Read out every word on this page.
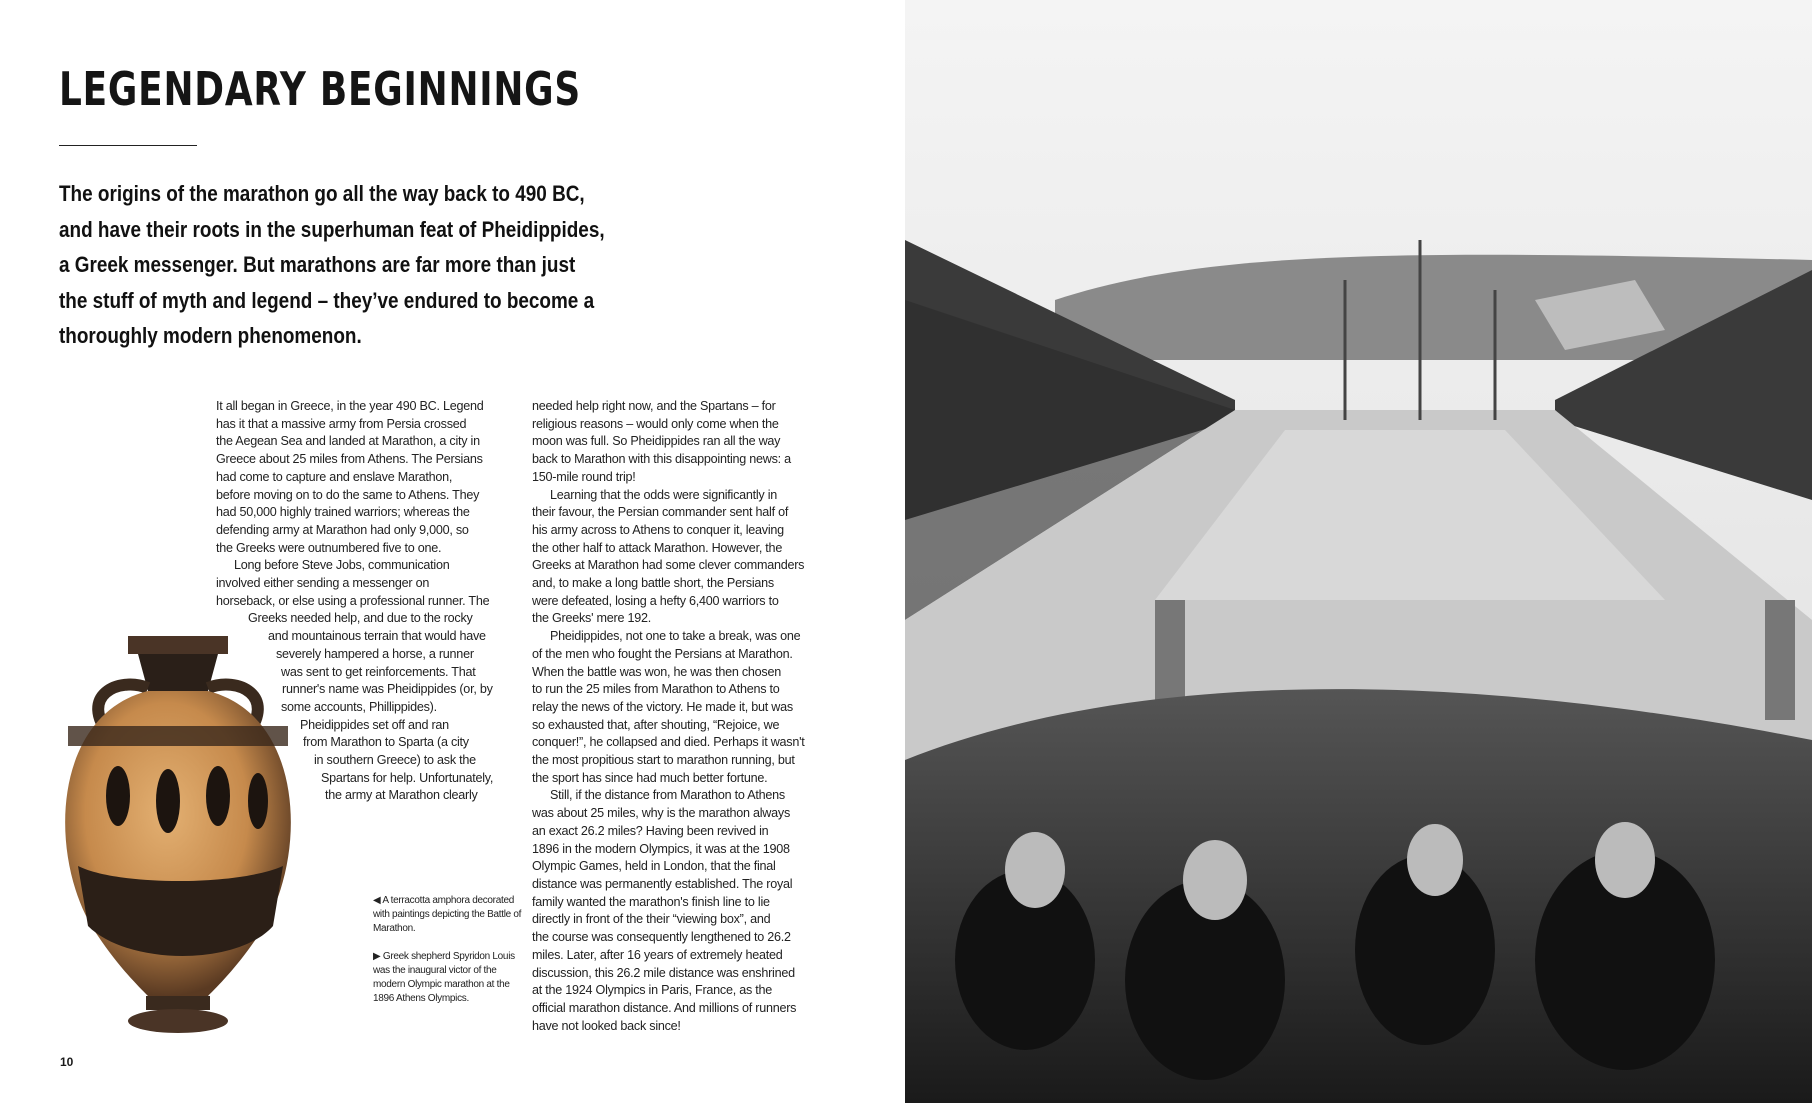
LEGENDARY BEGINNINGS
The origins of the marathon go all the way back to 490 BC,
and have their roots in the superhuman feat of Pheidippides,
a Greek messenger. But marathons are far more than just
the stuff of myth and legend – they’ve endured to become a
thoroughly modern phenomenon.
It all began in Greece, in the year 490 BC. Legend
has it that a massive army from Persia crossed
the Aegean Sea and landed at Marathon, a city in
Greece about 25 miles from Athens. The Persians
had come to capture and enslave Marathon,
before moving on to do the same to Athens. They
had 50,000 highly trained warriors; whereas the
defending army at Marathon had only 9,000, so
the Greeks were outnumbered five to one.
Long before Steve Jobs, communication
involved either sending a messenger on
horseback, or else using a professional runner. The
Greeks needed help, and due to the rocky
and mountainous terrain that would have
severely hampered a horse, a runner
was sent to get reinforcements. That
runner's name was Pheidippides (or, by
some accounts, Phillippides).
Pheidippides set off and ran
from Marathon to Sparta (a city
in southern Greece) to ask the
Spartans for help. Unfortunately,
the army at Marathon clearly
needed help right now, and the Spartans – for
religious reasons – would only come when the
moon was full. So Pheidippides ran all the way
back to Marathon with this disappointing news: a
150-mile round trip!
Learning that the odds were significantly in
their favour, the Persian commander sent half of
his army across to Athens to conquer it, leaving
the other half to attack Marathon. However, the
Greeks at Marathon had some clever commanders
and, to make a long battle short, the Persians
were defeated, losing a hefty 6,400 warriors to
the Greeks' mere 192.
Pheidippides, not one to take a break, was one
of the men who fought the Persians at Marathon.
When the battle was won, he was then chosen
to run the 25 miles from Marathon to Athens to
relay the news of the victory. He made it, but was
so exhausted that, after shouting, “Rejoice, we
conquer!”, he collapsed and died. Perhaps it wasn't
the most propitious start to marathon running, but
the sport has since had much better fortune.
Still, if the distance from Marathon to Athens
was about 25 miles, why is the marathon always
an exact 26.2 miles? Having been revived in
1896 in the modern Olympics, it was at the 1908
Olympic Games, held in London, that the final
distance was permanently established. The royal
family wanted the marathon's finish line to lie
directly in front of the their “viewing box”, and
the course was consequently lengthened to 26.2
miles. Later, after 16 years of extremely heated
discussion, this 26.2 mile distance was enshrined
at the 1924 Olympics in Paris, France, as the
official marathon distance. And millions of runners
have not looked back since!

◀ A terracotta amphora decorated with paintings depicting the Battle of Marathon.

▶ Greek shepherd Spyridon Louis was the inaugural victor of the modern Olympic marathon at the 1896 Athens Olympics.

10
